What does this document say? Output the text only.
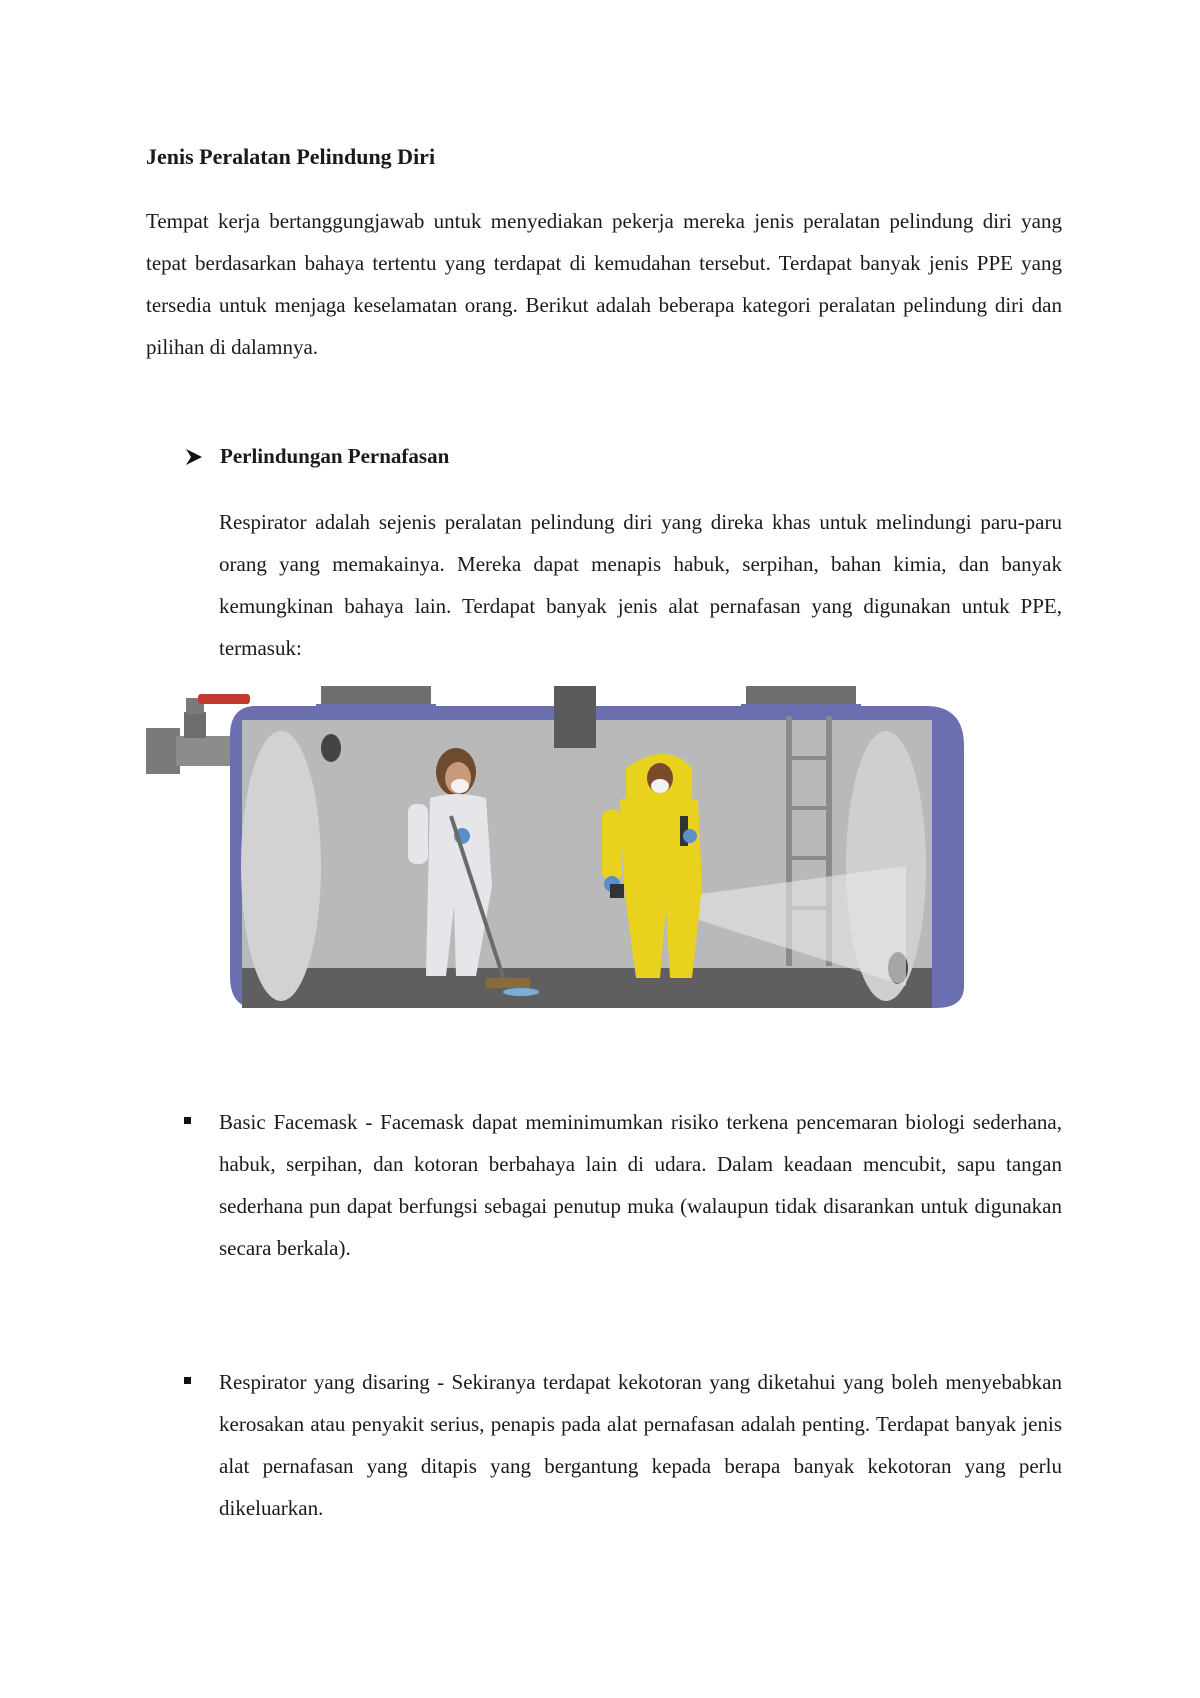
Jenis Peralatan Pelindung Diri

Tempat kerja bertanggungjawab untuk menyediakan pekerja mereka jenis peralatan pelindung diri yang tepat berdasarkan bahaya tertentu yang terdapat di kemudahan tersebut. Terdapat banyak jenis PPE yang tersedia untuk menjaga keselamatan orang. Berikut adalah beberapa kategori peralatan pelindung diri dan pilihan di dalamnya.

Perlindungan Pernafasan

Respirator adalah sejenis peralatan pelindung diri yang direka khas untuk melindungi paru-paru orang yang memakainya. Mereka dapat menapis habuk, serpihan, bahan kimia, dan banyak kemungkinan bahaya lain. Terdapat banyak jenis alat pernafasan yang digunakan untuk PPE, termasuk:

Basic Facemask - Facemask dapat meminimumkan risiko terkena pencemaran biologi sederhana, habuk, serpihan, dan kotoran berbahaya lain di udara. Dalam keadaan mencubit, sapu tangan sederhana pun dapat berfungsi sebagai penutup muka (walaupun tidak disarankan untuk digunakan secara berkala).
Respirator yang disaring - Sekiranya terdapat kekotoran yang diketahui yang boleh menyebabkan kerosakan atau penyakit serius, penapis pada alat pernafasan adalah penting. Terdapat banyak jenis alat pernafasan yang ditapis yang bergantung kepada berapa banyak kekotoran yang perlu dikeluarkan.
